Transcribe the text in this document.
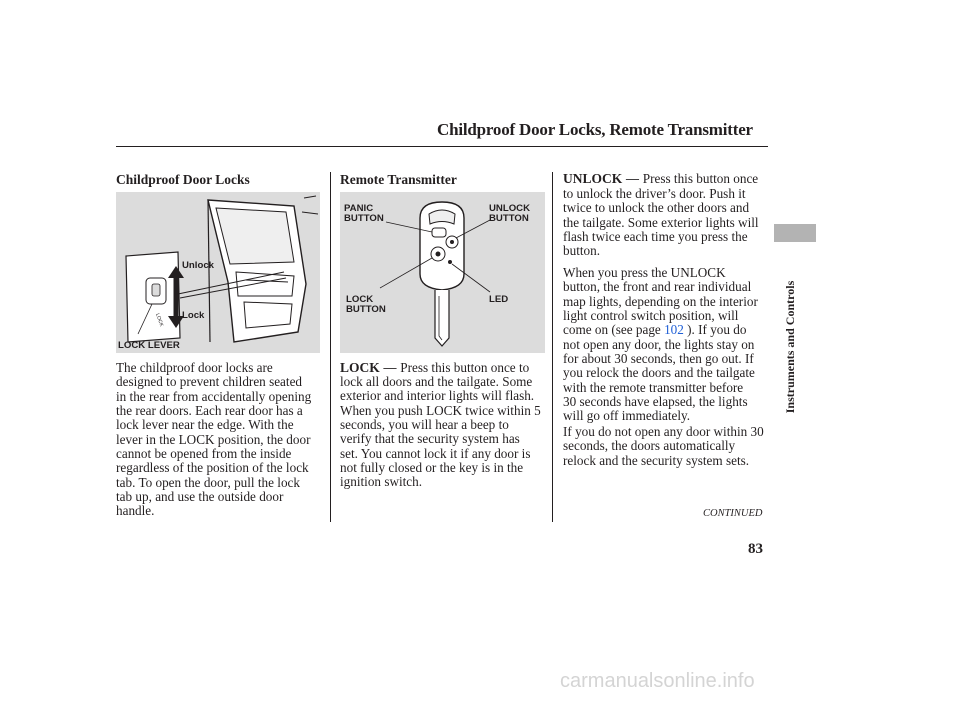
Childproof Door Locks, Remote Transmitter
Childproof Door Locks
LOCK
Unlock
Lock
LOCK LEVER
The childproof door locks are
designed to prevent children seated
in the rear from accidentally opening
the rear doors. Each rear door has a
lock lever near the edge. With the
lever in the LOCK position, the door
cannot be opened from the inside
regardless of the position of the lock
tab. To open the door, pull the lock
tab up, and use the outside door
handle.
Remote Transmitter
PANIC
BUTTON
UNLOCK
BUTTON
LOCK
BUTTON
LED
LOCK — Press this button once to
lock all doors and the tailgate. Some
exterior and interior lights will flash.
When you push LOCK twice within 5
seconds, you will hear a beep to
verify that the security system has
set. You cannot lock it if any door is
not fully closed or the key is in the
ignition switch.
UNLOCK — Press this button once
to unlock the driver’s door. Push it
twice to unlock the other doors and
the tailgate. Some exterior lights will
flash twice each time you press the
button.
When you press the UNLOCK
button, the front and rear individual
map lights, depending on the interior
light control switch position, will
come on (see page 102 ). If you do
not open any door, the lights stay on
for about 30 seconds, then go out. If
you relock the doors and the tailgate
with the remote transmitter before
30 seconds have elapsed, the lights
will go off immediately.
If you do not open any door within 30
seconds, the doors automatically
relock and the security system sets.
CONTINUED
83
Instruments and Controls
carmanualsonline.info
